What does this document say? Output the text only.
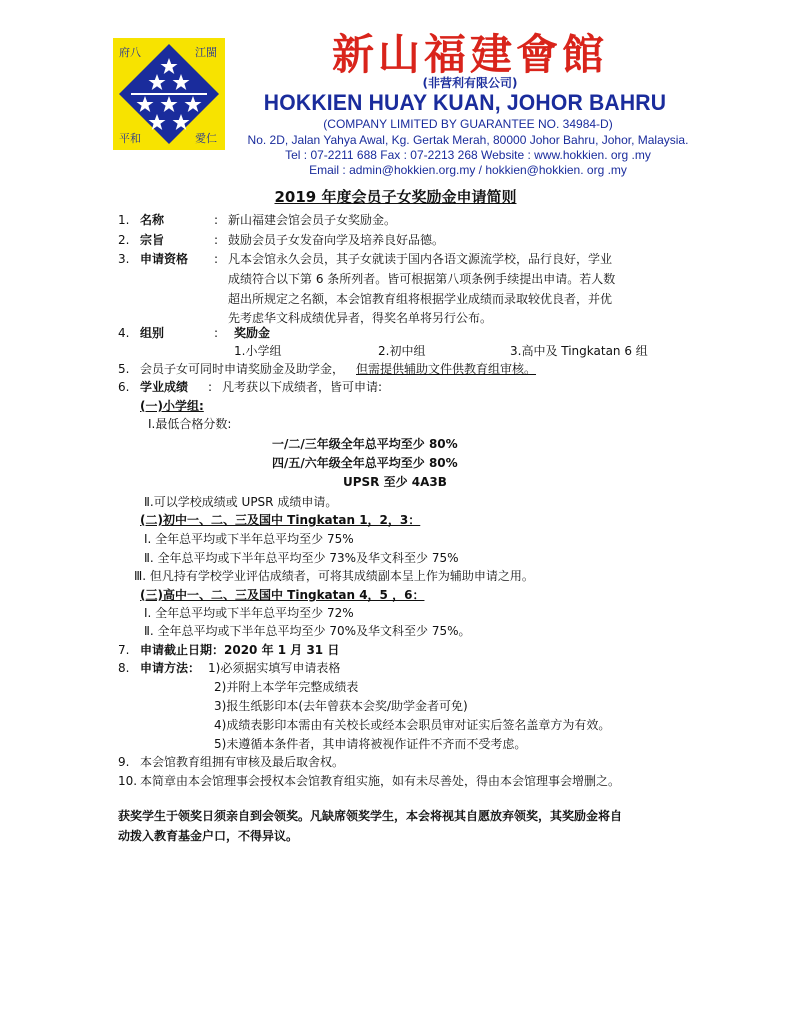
府八	江閩
平和	愛仁
新山福建會館
(非营利有限公司)
HOKKIEN HUAY KUAN, JOHOR BAHRU
(COMPANY LIMITED BY GUARANTEE NO. 34984-D)
No. 2D, Jalan Yahya Awal, Kg. Gertak Merah, 80000 Johor Bahru, Johor, Malaysia.
Tel : 07-2211 688 Fax : 07-2213 268 Website : www.hokkien. org .my
Email : admin@hokkien.org.my / hokkien@hokkien. org .my
2019 年度会员子女奖励金申请简则
1. 名称	: 新山福建会馆会员子女奖励金。
2. 宗旨	: 鼓励会员子女发奋向学及培养良好品德。
3. 申请资格 : 凡本会馆永久会员，其子女就读于国内各语文源流学校，品行良好，学业
成绩符合以下第 6 条所列者。皆可根据第八项条例手续提出申请。若人数
超出所规定之名额，本会馆教育组将根据学业成绩而录取较优良者，并优
先考虑华文科成绩优异者，得奖名单将另行公布。
4. 组别	: 奖励金
1.小学组	2.初中组	3.高中及 Tingkatan 6 组
5. 会员子女可同时申请奖励金及助学金， 但需提供辅助文件供教育组审核。
6. 学业成绩 : 凡考获以下成绩者，皆可申请:
(一)小学组:
Ⅰ.最低合格分数:
一/二/三年级全年总平均至少 80%
四/五/六年级全年总平均至少 80%
UPSR 至少 4A3B
Ⅱ.可以学校成绩或 UPSR 成绩申请。
(二)初中一、二、三及国中 Tingkatan 1，2，3：
Ⅰ. 全年总平均或下半年总平均至少 75%
Ⅱ. 全年总平均或下半年总平均至少 73%及华文科至少 75%
Ⅲ. 但凡持有学校学业评估成绩者，可将其成绩副本呈上作为辅助申请之用。
(三)高中一、二、三及国中 Tingkatan 4，5 ，6：
Ⅰ. 全年总平均或下半年总平均至少 72%
Ⅱ. 全年总平均或下半年总平均至少 70%及华文科至少 75%。
7. 申请截止日期：2020 年 1 月 31 日
8. 申请方法： 1)必须据实填写申请表格
2)并附上本学年完整成绩表
3)报生纸影印本(去年曾获本会奖/助学金者可免)
4)成绩表影印本需由有关校长或经本会职员审对证实后签名盖章方为有效。
5)未遵循本条件者，其申请将被视作证件不齐而不受考虑。
9. 本会馆教育组拥有审核及最后取舍权。
10. 本简章由本会馆理事会授权本会馆教育组实施，如有未尽善处，得由本会馆理事会增删之。
获奖学生于领奖日须亲自到会领奖。凡缺席领奖学生，本会将视其自愿放弃领奖，其奖励金将自
动拨入教育基金户口，不得异议。
